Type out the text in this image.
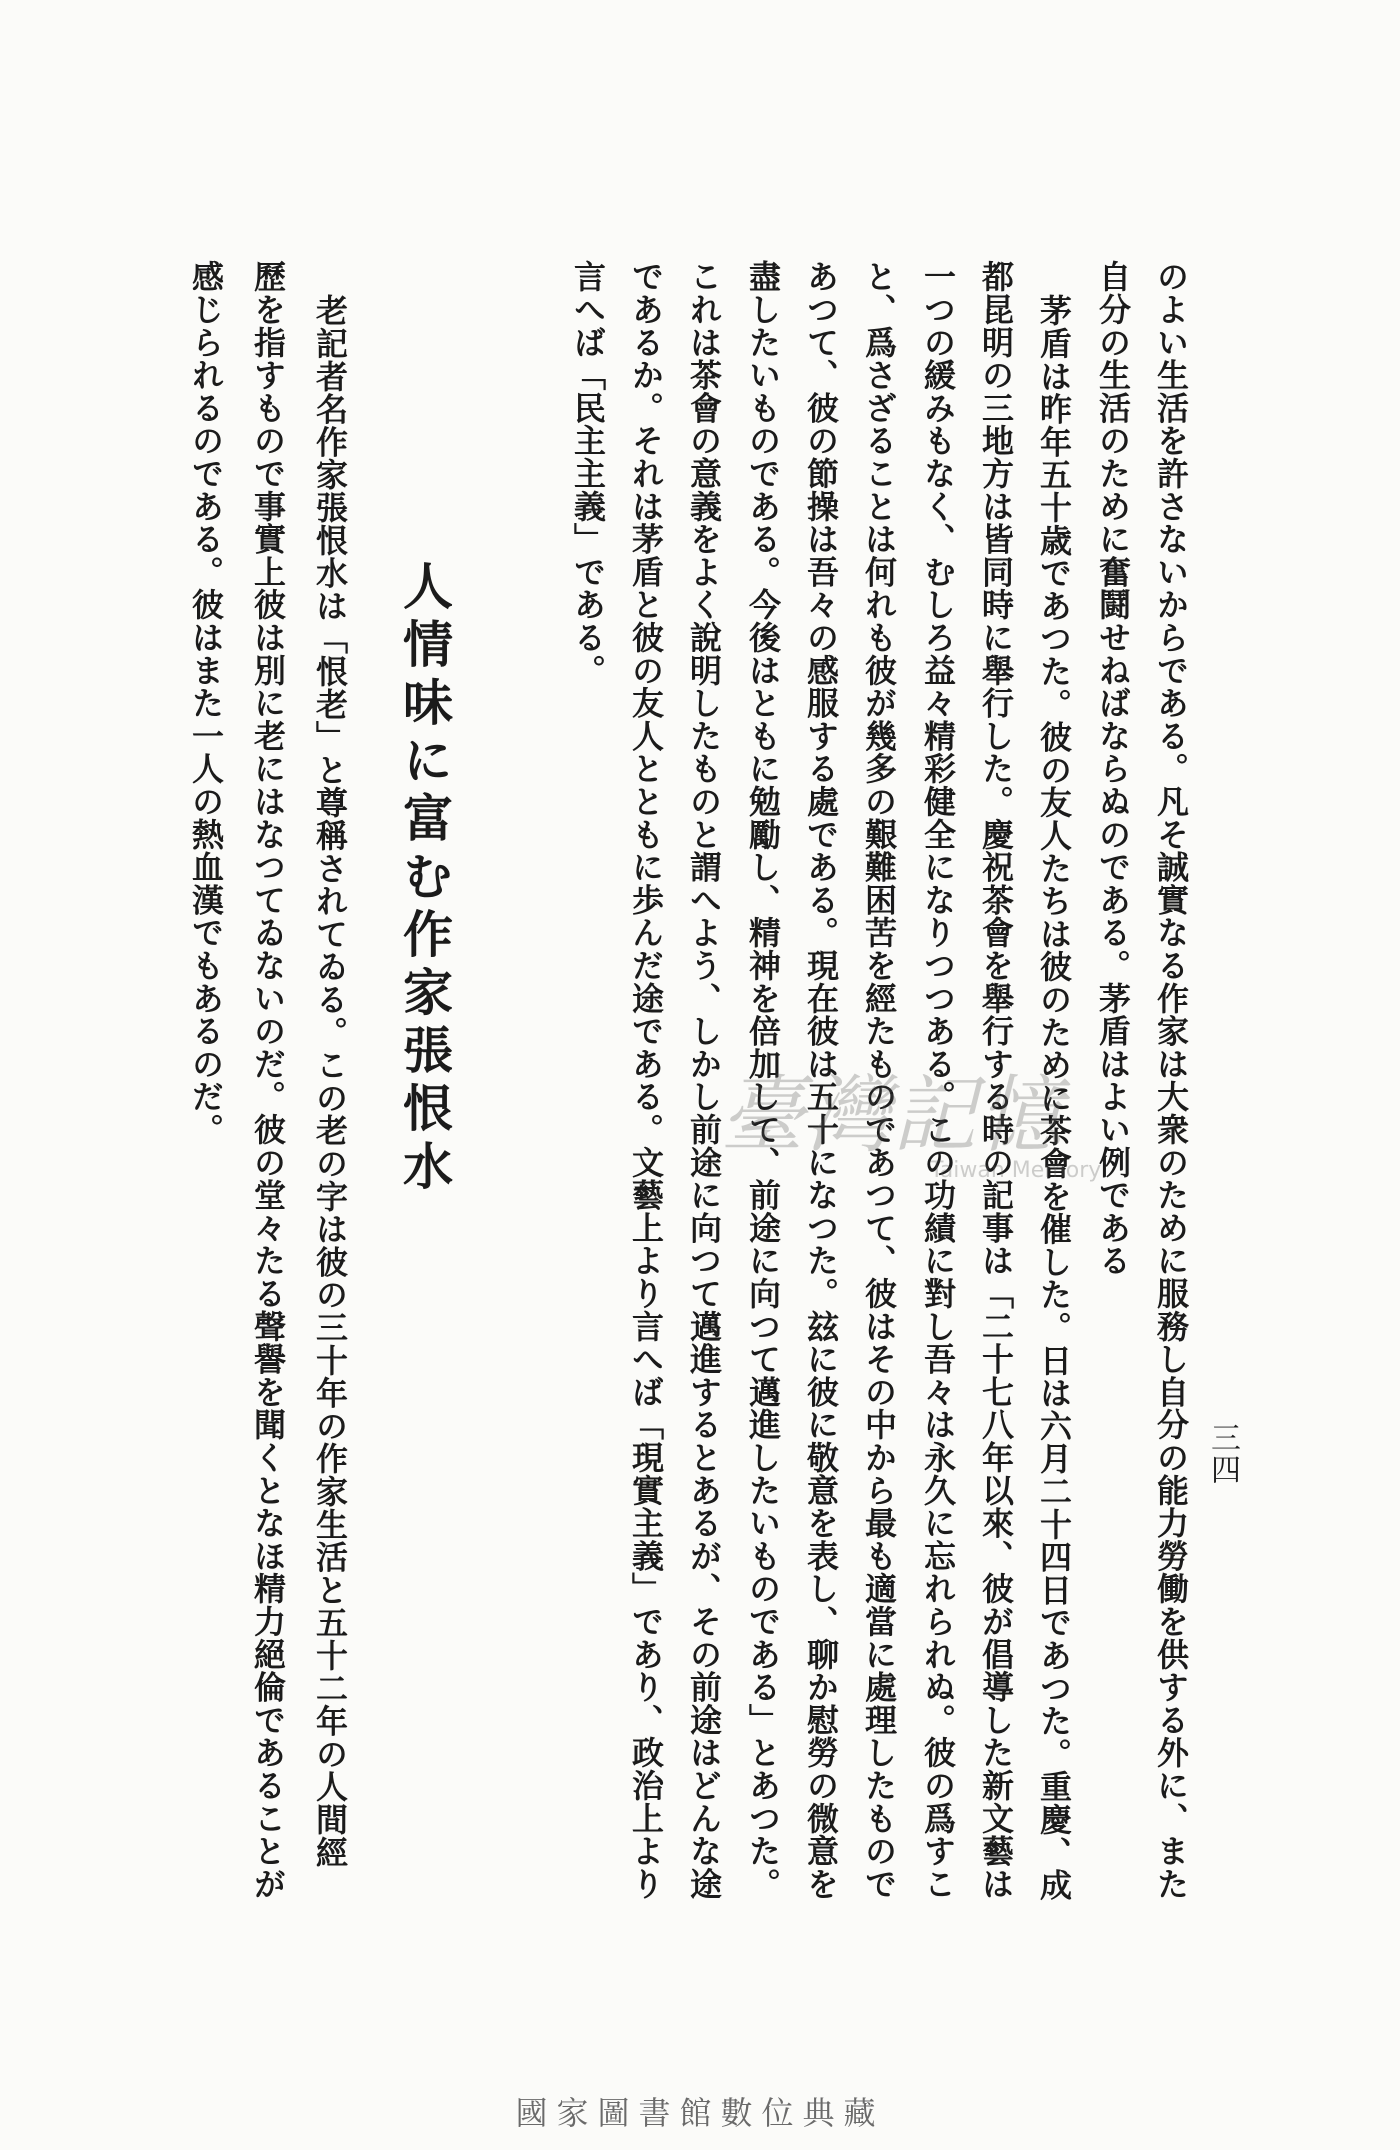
三四
のよい生活を許さないからである。凡そ誠實なる作家は大衆のために服務し自分の能力勞働を供する外に、また
自分の生活のために奮鬪せねばならぬのである。茅盾はよい例である
茅盾は昨年五十歳であつた。彼の友人たちは彼のために茶會を催した。日は六月二十四日であつた。重慶、成
都昆明の三地方は皆同時に舉行した。慶祝茶會を舉行する時の記事は「二十七八年以來、彼が倡導した新文藝は
一つの緩みもなく、むしろ益々精彩健全になりつつある。この功績に對し吾々は永久に忘れられぬ。彼の爲すこ
と、爲さざることは何れも彼が幾多の艱難困苦を經たものであつて、彼はその中から最も適當に處理したもので
あつて、彼の節操は吾々の感服する處である。現在彼は五十になつた。玆に彼に敬意を表し、聊か慰勞の微意を
盡したいものである。今後はともに勉勵し、精神を倍加して、前途に向つて邁進したいものである」とあつた。
これは茶會の意義をよく說明したものと謂へよう、しかし前途に向つて邁進するとあるが、その前途はどんな途
であるか。それは茅盾と彼の友人とともに歩んだ途である。文藝上より言へば「現實主義」であり、政治上より
言へば「民主主義」である。
人情味に富む作家張恨水
老記者名作家張恨水は「恨老」と尊稱されてゐる。この老の字は彼の三十年の作家生活と五十二年の人間經
歷を指すもので事實上彼は別に老にはなつてゐないのだ。彼の堂々たる聲譽を聞くとなほ精力絕倫であることが
感じられるのである。彼はまた一人の熱血漢でもあるのだ。	臺灣記憶
Taiwan Memory
國家圖書館數位典藏
